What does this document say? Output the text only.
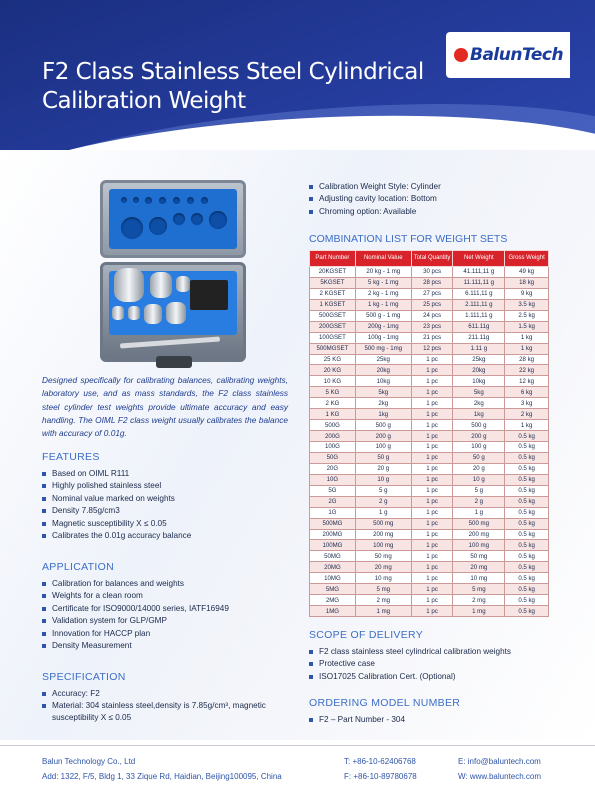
F2 Class Stainless Steel Cylindrical
Calibration Weight
BalunTech
Designed specifically for calibrating balances, calibrating weights, laboratory use, and as mass standards, the F2 class stainless steel cylinder test weights provide ultimate accuracy and easy handling. The OIML F2 class weight usually calibrates the balance with accuracy of 0.01g.
FEATURES
Based on OIML R111
Highly polished stainless steel
Nominal value marked on weights
Density 7.85g/cm3
Magnetic susceptibility X ≤ 0.05
Calibrates the 0.01g accuracy balance
APPLICATION
Calibration for balances and weights
Weights for a clean room
Certificate for ISO9000/14000 series, IATF16949
Validation system for GLP/GMP
Innovation for HACCP plan
Density Measurement
SPECIFICATION
Accuracy: F2
Material: 304 stainless steel,density is 7.85g/cm³, magnetic susceptibility X ≤ 0.05
Calibration Weight Style: Cylinder
Adjusting cavity location: Bottom
Chroming option: Available
COMBINATION LIST FOR WEIGHT SETS
Part Number	Nominal Value	Total Quantity	Net Weight	Gross Weight
20KGSET	20 kg - 1 mg	30 pcs	41.111,11 g	49 kg
5KGSET	5 kg - 1 mg	28 pcs	11.111,11 g	18 kg
2 KGSET	2 kg - 1 mg	27 pcs	6.111,11 g	9 kg
1 KGSET	1 kg - 1 mg	25 pcs	2.111,11 g	3.5 kg
500GSET	500 g - 1 mg	24 pcs	1.111,11 g	2.5 kg
200GSET	200g - 1mg	23 pcs	611.11g	1.5 kg
100GSET	100g - 1mg	21 pcs	211.11g	1 kg
500MGSET	500 mg - 1mg	12 pcs	1.11 g	1 kg
25 KG	25kg	1 pc	25kg	28 kg
20 KG	20kg	1 pc	20kg	22 kg
10 KG	10kg	1 pc	10kg	12 kg
5 KG	5kg	1 pc	5kg	6 kg
2 KG	2kg	1 pc	2kg	3 kg
1 KG	1kg	1 pc	1kg	2 kg
500G	500 g	1 pc	500 g	1 kg
200G	200 g	1 pc	200 g	0.5 kg
100G	100 g	1 pc	100 g	0.5 kg
50G	50 g	1 pc	50 g	0.5 kg
20G	20 g	1 pc	20 g	0.5 kg
10G	10 g	1 pc	10 g	0.5 kg
5G	5 g	1 pc	5 g	0.5 kg
2G	2 g	1 pc	2 g	0.5 kg
1G	1 g	1 pc	1 g	0.5 kg
500MG	500 mg	1 pc	500 mg	0.5 kg
200MG	200 mg	1 pc	200 mg	0.5 kg
100MG	100 mg	1 pc	100 mg	0.5 kg
50MG	50 mg	1 pc	50 mg	0.5 kg
20MG	20 mg	1 pc	20 mg	0.5 kg
10MG	10 mg	1 pc	10 mg	0.5 kg
5MG	5 mg	1 pc	5 mg	0.5 kg
2MG	2 mg	1 pc	2 mg	0.5 kg
1MG	1 mg	1 pc	1 mg	0.5 kg
SCOPE OF DELIVERY
F2 class stainless steel cylindrical calibration weights
Protective case
ISO17025 Calibration Cert. (Optional)
ORDERING MODEL NUMBER
F2 – Part Number - 304
Balun Technology Co., Ltd
Add: 1322, F/5, Bldg 1, 33 Zique Rd, Haidian, Beijing100095, China
T: +86-10-62406768
F: +86-10-89780678
E: info@baluntech.com
W: www.baluntech.com
